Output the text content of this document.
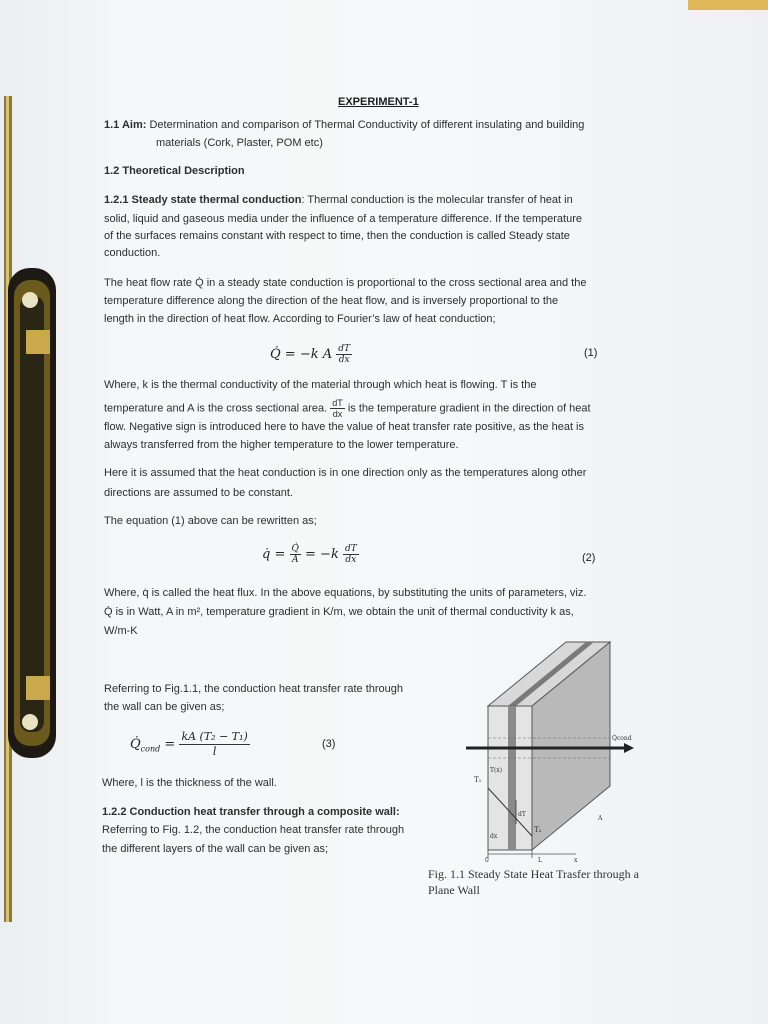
EXPERIMENT-1
1.1 Aim: Determination and comparison of Thermal Conductivity of different insulating and building
materials (Cork, Plaster, POM etc)
1.2 Theoretical Description
1.2.1 Steady state thermal conduction: Thermal conduction is the molecular transfer of heat in
solid, liquid and gaseous media under the influence of a temperature difference. If the temperature
of the surfaces remains constant with respect to time, then the conduction is called Steady state
conduction.
The heat flow rate Q̇ in a steady state conduction is proportional to the cross sectional area and the
temperature difference along the direction of the heat flow, and is inversely proportional to the
length in the direction of heat flow. According to Fourier’s law of heat conduction;
Q̇ = −k A $\frac{dT}{dx}$	(1)
Where, k is the thermal conductivity of the material through which heat is flowing. T is the
temperature and A is the cross sectional area. $\frac{dT}{dx}$ is the temperature gradient in the direction of heat
flow. Negative sign is introduced here to have the value of heat transfer rate positive, as the heat is
always transferred from the higher temperature to the lower temperature.
Here it is assumed that the heat conduction is in one direction only as the temperatures along other
directions are assumed to be constant.
The equation (1) above can be rewritten as;
q̇ = $\frac{Q̇}{A} = -k \frac{dT}{dx}$	(2)
Where, q̇ is called the heat flux. In the above equations, by substituting the units of parameters, viz.
Q̇ is in Watt, A in m², temperature gradient in K/m, we obtain the unit of thermal conductivity k as,
W/m-K
Referring to Fig.1.1, the conduction heat transfer rate through
the wall can be given as;
$Q̇_{cond} = \frac{\text{kA (T₂ − T₁)}}{l}$	(3)
Where, l is the thickness of the wall.
1.2.2 Conduction heat transfer through a composite wall:
Referring to Fig. 1.2, the conduction heat transfer rate through
the different layers of the wall can be given as;
Q̇cond
T(x)
T₁
T₂
dT
dx
A
0	L	x
Fig. 1.1 Steady State Heat Trasfer through a
Plane Wall
